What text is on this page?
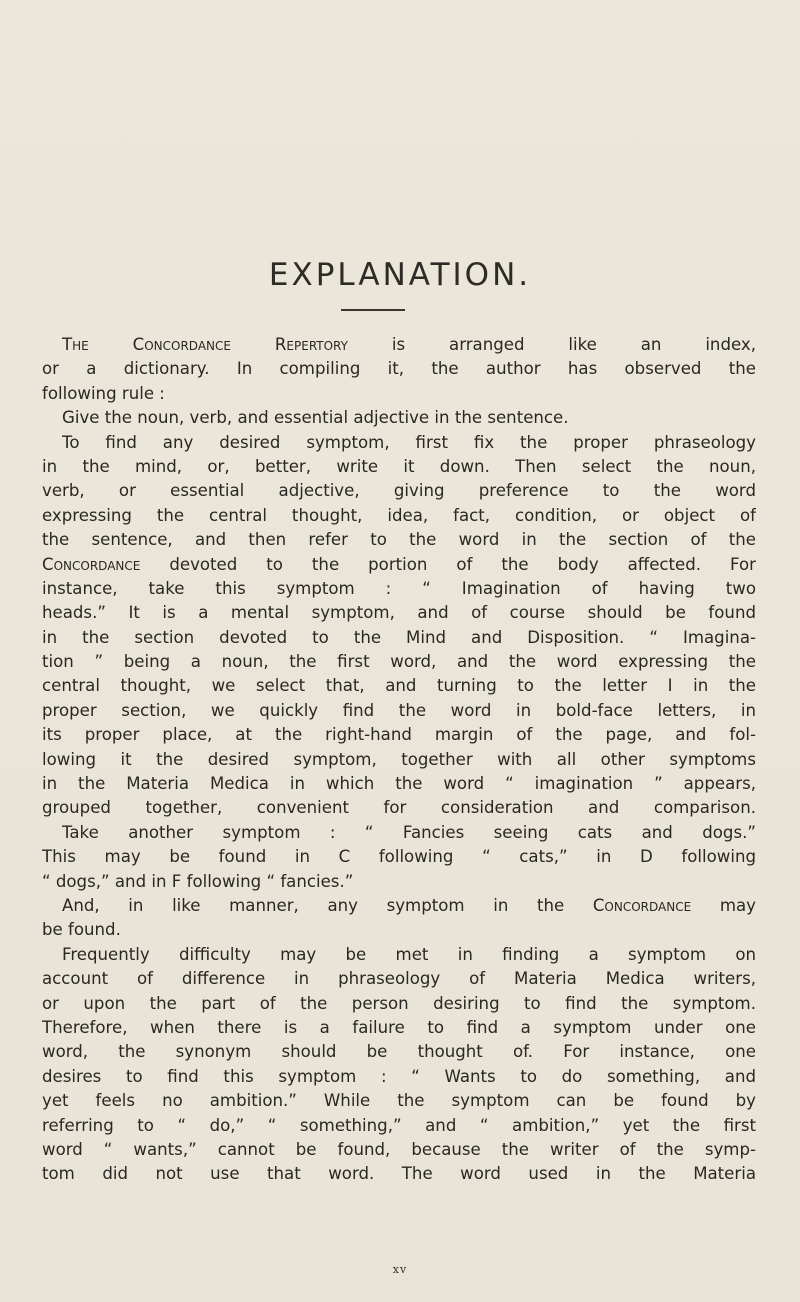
EXPLANATION.

The Concordance Repertory is arranged like an index,

or a dictionary. In compiling it, the author has observed the

following rule :

Give the noun, verb, and essential adjective in the sentence.

To find any desired symptom, first fix the proper phraseology

in the mind, or, better, write it down. Then select the noun,

verb, or essential adjective, giving preference to the word

expressing the central thought, idea, fact, condition, or object of

the sentence, and then refer to the word in the section of the

Concordance devoted to the portion of the body affected. For

instance, take this symptom : “ Imagination of having two

heads.” It is a mental symptom, and of course should be found

in the section devoted to the Mind and Disposition. “ Imagina-

tion ” being a noun, the first word, and the word expressing the

central thought, we select that, and turning to the letter I in the

proper section, we quickly find the word in bold-face letters, in

its proper place, at the right-hand margin of the page, and fol-

lowing it the desired symptom, together with all other symptoms

in the Materia Medica in which the word “ imagination ” appears,

grouped together, convenient for consideration and comparison.

Take another symptom : “ Fancies seeing cats and dogs.”

This may be found in C following “ cats,” in D following

“ dogs,” and in F following “ fancies.”

And, in like manner, any symptom in the Concordance may

be found.

Frequently difficulty may be met in finding a symptom on

account of difference in phraseology of Materia Medica writers,

or upon the part of the person desiring to find the symptom.

Therefore, when there is a failure to find a symptom under one

word, the synonym should be thought of. For instance, one

desires to find this symptom : “ Wants to do something, and

yet feels no ambition.” While the symptom can be found by

referring to “ do,” “ something,” and “ ambition,” yet the first

word “ wants,” cannot be found, because the writer of the symp-

tom did not use that word. The word used in the Materia

xv
